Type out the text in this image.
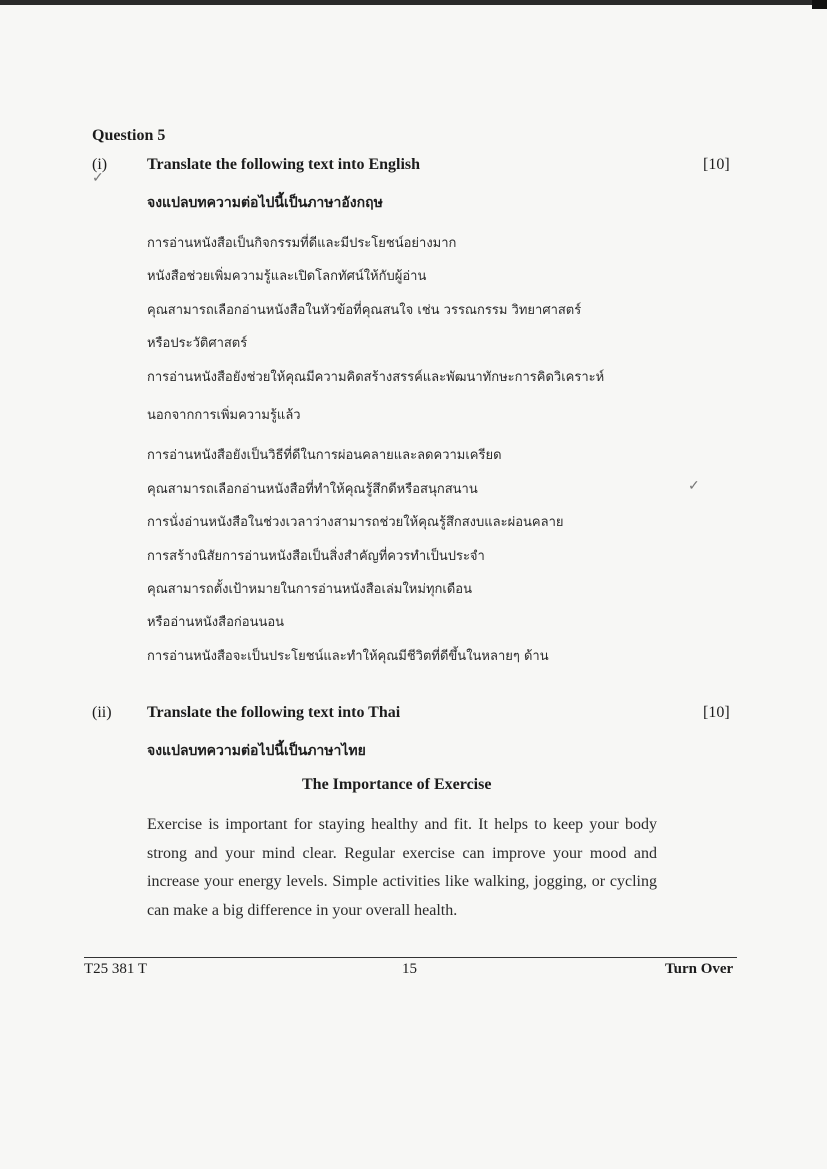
Question 5
(i) Translate the following text into English	[10]
จงแปลบทความต่อไปนี้เป็นภาษาอังกฤษ
การอ่านหนังสือเป็นกิจกรรมที่ดีและมีประโยชน์อย่างมาก
หนังสือช่วยเพิ่มความรู้และเปิดโลกทัศน์ให้กับผู้อ่าน
คุณสามารถเลือกอ่านหนังสือในหัวข้อที่คุณสนใจ เช่น วรรณกรรม วิทยาศาสตร์
หรือประวัติศาสตร์
การอ่านหนังสือยังช่วยให้คุณมีความคิดสร้างสรรค์และพัฒนาทักษะการคิดวิเคราะห์
นอกจากการเพิ่มความรู้แล้ว
การอ่านหนังสือยังเป็นวิธีที่ดีในการผ่อนคลายและลดความเครียด
คุณสามารถเลือกอ่านหนังสือที่ทำให้คุณรู้สึกดีหรือสนุกสนาน
การนั่งอ่านหนังสือในช่วงเวลาว่างสามารถช่วยให้คุณรู้สึกสงบและผ่อนคลาย
การสร้างนิสัยการอ่านหนังสือเป็นสิ่งสำคัญที่ควรทำเป็นประจำ
คุณสามารถตั้งเป้าหมายในการอ่านหนังสือเล่มใหม่ทุกเดือน
หรืออ่านหนังสือก่อนนอน
การอ่านหนังสือจะเป็นประโยชน์และทำให้คุณมีชีวิตที่ดีขึ้นในหลายๆ ด้าน
(ii) Translate the following text into Thai	[10]
จงแปลบทความต่อไปนี้เป็นภาษาไทย
The Importance of Exercise
Exercise is important for staying healthy and fit. It helps to keep your body strong and your mind clear. Regular exercise can improve your mood and increase your energy levels. Simple activities like walking, jogging, or cycling can make a big difference in your overall health.
T25 381 T	15	Turn Over
✓
✓
